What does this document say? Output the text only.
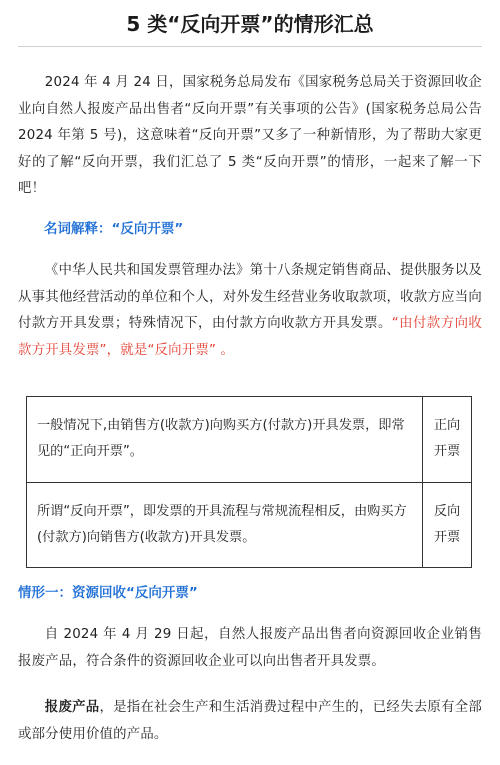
5 类“反向开票”的情形汇总

2024 年 4 月 24 日，国家税务总局发布《国家税务总局关于资源回收企业向自然人报废产品出售者“反向开票”有关事项的公告》(国家税务总局公告 2024 年第 5 号)，这意味着“反向开票”又多了一种新情形，为了帮助大家更好的了解“反向开票，我们汇总了 5 类“反向开票”的情形，一起来了解一下吧！

名词解释：“反向开票”

《中华人民共和国发票管理办法》第十八条规定销售商品、提供服务以及从事其他经营活动的单位和个人，对外发生经营业务收取款项，收款方应当向付款方开具发票；特殊情况下，由付款方向收款方开具发票。“由付款方向收款方开具发票”，就是“反向开票” 。

一般情况下,由销售方(收款方)向购买方(付款方)开具发票，即常见的“正向开票”。	正向开票
所谓“反向开票”，即发票的开具流程与常规流程相反，由购买方(付款方)向销售方(收款方)开具发票。	反向开票
情形一：资源回收“反向开票”

自 2024 年 4 月 29 日起，自然人报废产品出售者向资源回收企业销售报废产品，符合条件的资源回收企业可以向出售者开具发票。

报废产品，是指在社会生产和生活消费过程中产生的，已经失去原有全部或部分使用价值的产品。
